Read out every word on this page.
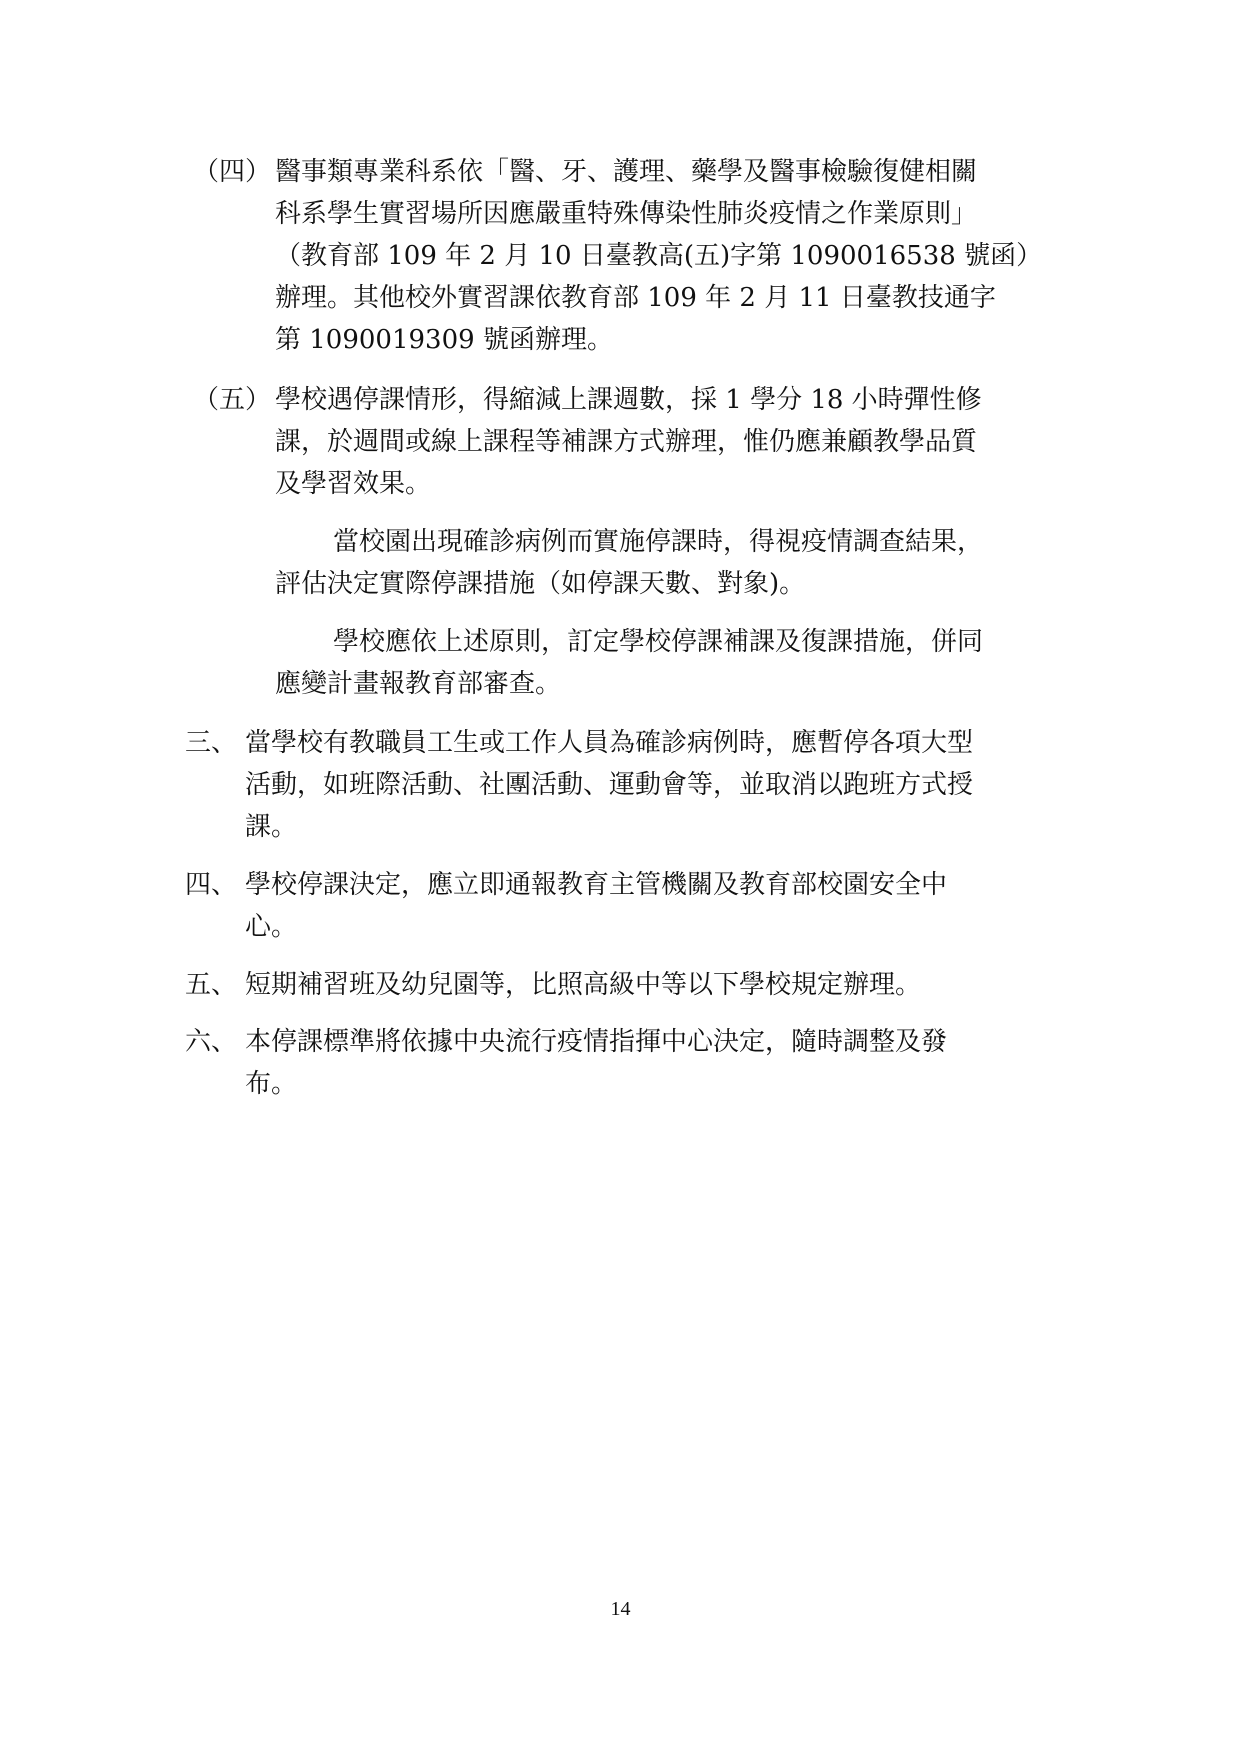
（四） 醫事類專業科系依「醫、牙、護理、藥學及醫事檢驗復健相關
科系學生實習場所因應嚴重特殊傳染性肺炎疫情之作業原則」
（教育部 109 年 2 月 10 日臺教高(五)字第 1090016538 號函）
辦理。其他校外實習課依教育部 109 年 2 月 11 日臺教技通字
第 1090019309 號函辦理。
（五） 學校遇停課情形，得縮減上課週數，採 1 學分 18 小時彈性修
課，於週間或線上課程等補課方式辦理，惟仍應兼顧教學品質
及學習效果。
當校園出現確診病例而實施停課時，得視疫情調查結果，
評估決定實際停課措施（如停課天數、對象)。
學校應依上述原則，訂定學校停課補課及復課措施，併同
應變計畫報教育部審查。
三、 當學校有教職員工生或工作人員為確診病例時，應暫停各項大型
活動，如班際活動、社團活動、運動會等，並取消以跑班方式授
課。
四、 學校停課決定，應立即通報教育主管機關及教育部校園安全中
心。
五、 短期補習班及幼兒園等，比照高級中等以下學校規定辦理。
六、 本停課標準將依據中央流行疫情指揮中心決定，隨時調整及發
布。
14
